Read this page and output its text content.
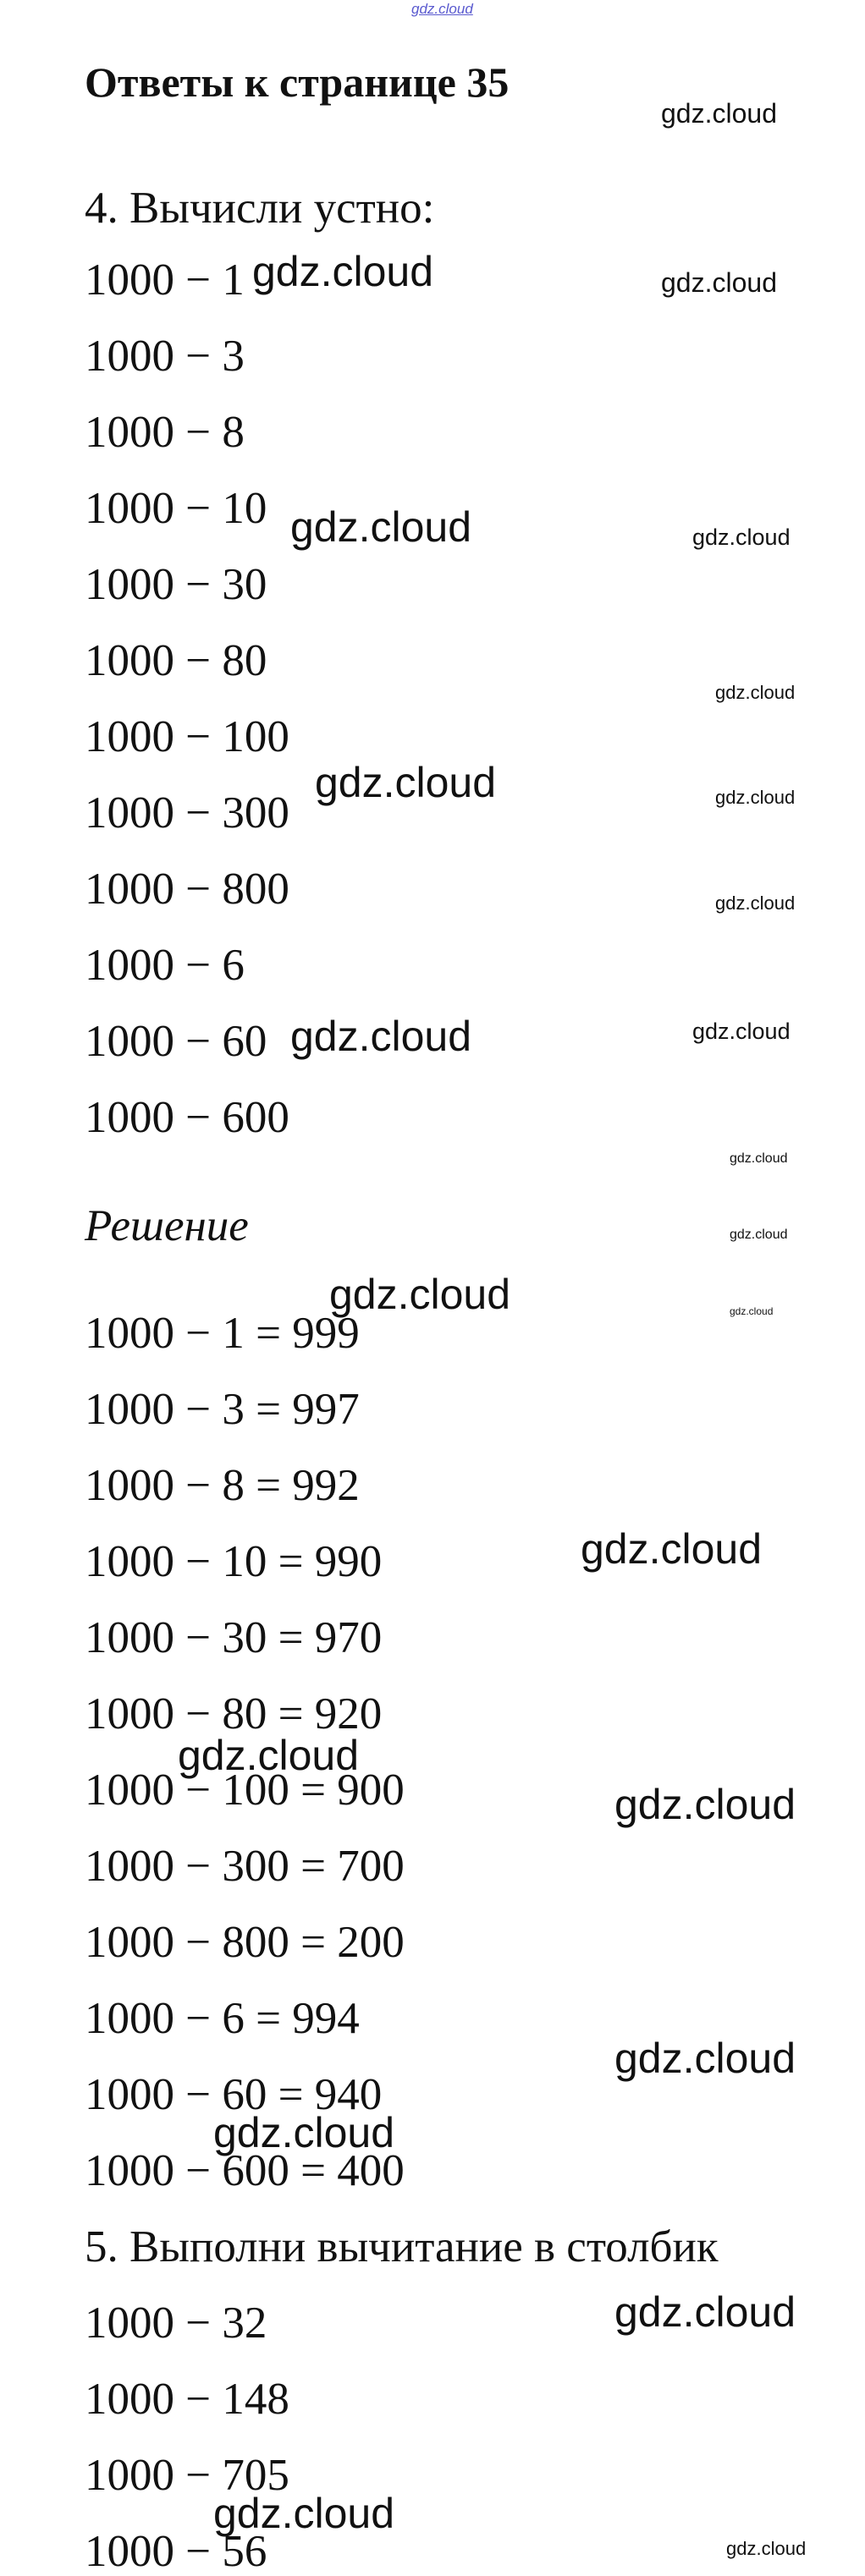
gdz.cloud
Ответы к странице 35
4. Вычисли устно:
1000 − 1
1000 − 3
1000 − 8
1000 − 10
1000 − 30
1000 − 80
1000 − 100
1000 − 300
1000 − 800
1000 − 6
1000 − 60
1000 − 600
Решение
1000 − 1 = 999
1000 − 3 = 997
1000 − 8 = 992
1000 − 10 = 990
1000 − 30 = 970
1000 − 80 = 920
1000 − 100 = 900
1000 − 300 = 700
1000 − 800 = 200
1000 − 6 = 994
1000 − 60 = 940
1000 − 600 = 400
5. Выполни вычитание в столбик
1000 − 32
1000 − 148
1000 − 705
1000 − 56
gdz.cloud
gdz.cloud	gdz.cloud
gdz.cloud	gdz.cloud
gdz.cloud
gdz.cloud	gdz.cloud
gdz.cloud
gdz.cloud	gdz.cloud
gdz.cloud
gdz.cloud
gdz.cloud	gdz.cloud
gdz.cloud
gdz.cloud
gdz.cloud
gdz.cloud
gdz.cloud
gdz.cloud
gdz.cloud
gdz.cloud
